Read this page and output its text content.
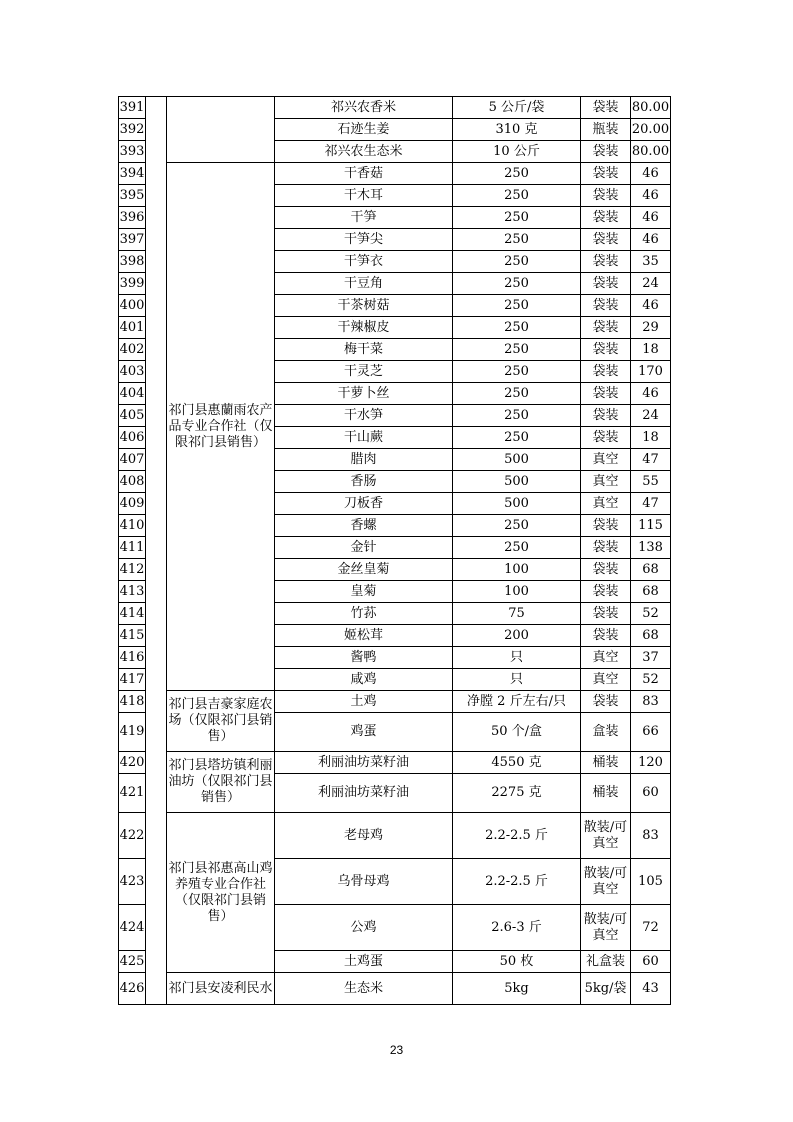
391			祁兴农香米	5 公斤/袋	袋装	80.00
392			石迹生姜	310 克	瓶装	20.00
393			祁兴农生态米	10 公斤	袋装	80.00
394		祁门县惠蘭雨农产品专业合作社（仅限祁门县销售）	干香菇	250	袋装	46
395			干木耳	250	袋装	46
396			干笋	250	袋装	46
397			干笋尖	250	袋装	46
398			干笋衣	250	袋装	35
399			干豆角	250	袋装	24
400			干茶树菇	250	袋装	46
401			干辣椒皮	250	袋装	29
402			梅干菜	250	袋装	18
403			干灵芝	250	袋装	170
404			干萝卜丝	250	袋装	46
405			干水笋	250	袋装	24
406			干山蕨	250	袋装	18
407			腊肉	500	真空	47
408			香肠	500	真空	55
409			刀板香	500	真空	47
410			香螺	250	袋装	115
411			金针	250	袋装	138
412			金丝皇菊	100	袋装	68
413			皇菊	100	袋装	68
414			竹荪	75	袋装	52
415			姬松茸	200	袋装	68
416			酱鸭	只	真空	37
417			咸鸡	只	真空	52
418		祁门县吉豪家庭农场（仅限祁门县销售）	土鸡	净膛 2 斤左右/只	袋装	83
419			鸡蛋	50 个/盒	盒装	66
420		祁门县塔坊镇利丽油坊（仅限祁门县销售）	利丽油坊菜籽油	4550 克	桶装	120
421			利丽油坊菜籽油	2275 克	桶装	60
422		祁门县祁惠高山鸡养殖专业合作社（仅限祁门县销售）	老母鸡	2.2-2.5 斤	散装/可真空	83
423			乌骨母鸡	2.2-2.5 斤	散装/可真空	105
424			公鸡	2.6-3 斤	散装/可真空	72
425			土鸡蛋	50 枚	礼盒装	60
426		祁门县安凌利民水	生态米	5kg	5kg/袋	43
23
